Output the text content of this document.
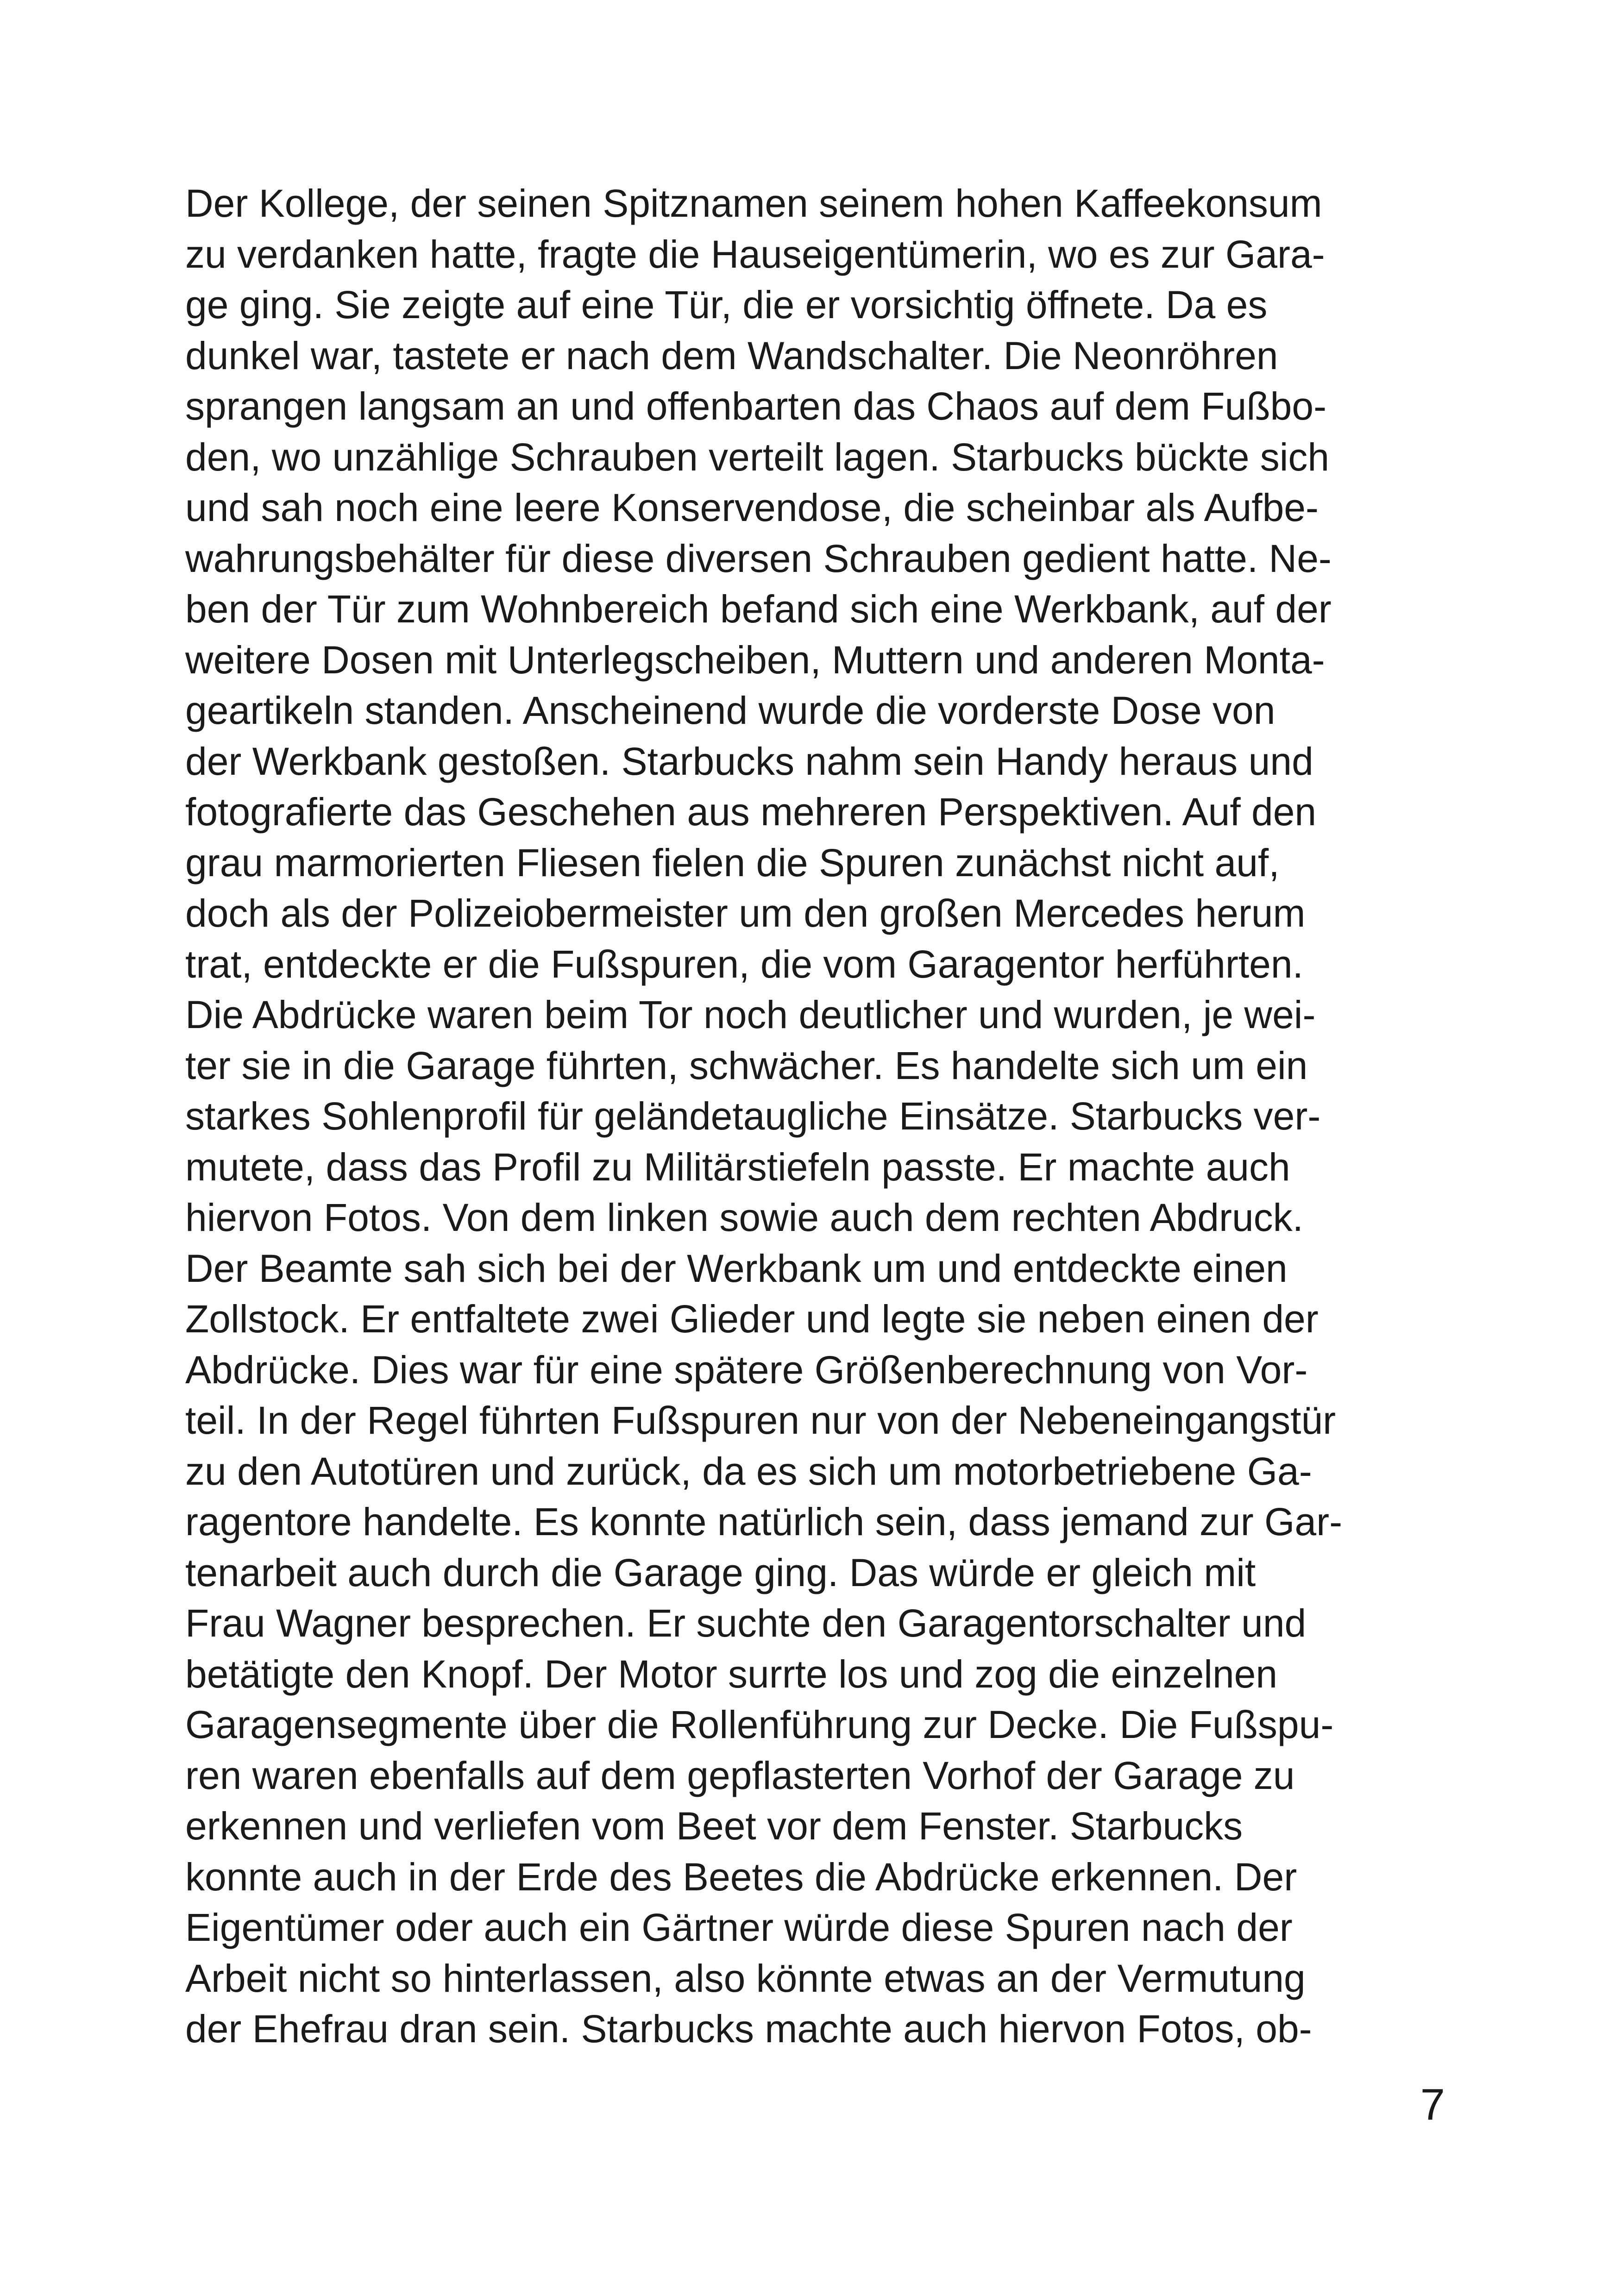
Der Kollege, der seinen Spitznamen seinem hohen Kaffeekonsum
zu verdanken hatte, fragte die Hauseigentümerin, wo es zur Gara-
ge ging. Sie zeigte auf eine Tür, die er vorsichtig öffnete. Da es
dunkel war, tastete er nach dem Wandschalter. Die Neonröhren
sprangen langsam an und offenbarten das Chaos auf dem Fußbo-
den, wo unzählige Schrauben verteilt lagen. Starbucks bückte sich
und sah noch eine leere Konservendose, die scheinbar als Aufbe-
wahrungsbehälter für diese diversen Schrauben gedient hatte. Ne-
ben der Tür zum Wohnbereich befand sich eine Werkbank, auf der
weitere Dosen mit Unterlegscheiben, Muttern und anderen Monta-
geartikeln standen. Anscheinend wurde die vorderste Dose von
der Werkbank gestoßen. Starbucks nahm sein Handy heraus und
fotografierte das Geschehen aus mehreren Perspektiven. Auf den
grau marmorierten Fliesen fielen die Spuren zunächst nicht auf,
doch als der Polizeiobermeister um den großen Mercedes herum
trat, entdeckte er die Fußspuren, die vom Garagentor herführten.
Die Abdrücke waren beim Tor noch deutlicher und wurden, je wei-
ter sie in die Garage führten, schwächer. Es handelte sich um ein
starkes Sohlenprofil für geländetaugliche Einsätze. Starbucks ver-
mutete, dass das Profil zu Militärstiefeln passte. Er machte auch
hiervon Fotos. Von dem linken sowie auch dem rechten Abdruck.
Der Beamte sah sich bei der Werkbank um und entdeckte einen
Zollstock. Er entfaltete zwei Glieder und legte sie neben einen der
Abdrücke. Dies war für eine spätere Größenberechnung von Vor-
teil. In der Regel führten Fußspuren nur von der Nebeneingangstür
zu den Autotüren und zurück, da es sich um motorbetriebene Ga-
ragentore handelte. Es konnte natürlich sein, dass jemand zur Gar-
tenarbeit auch durch die Garage ging. Das würde er gleich mit
Frau Wagner besprechen. Er suchte den Garagentorschalter und
betätigte den Knopf. Der Motor surrte los und zog die einzelnen
Garagensegmente über die Rollenführung zur Decke. Die Fußspu-
ren waren ebenfalls auf dem gepflasterten Vorhof der Garage zu
erkennen und verliefen vom Beet vor dem Fenster. Starbucks
konnte auch in der Erde des Beetes die Abdrücke erkennen. Der
Eigentümer oder auch ein Gärtner würde diese Spuren nach der
Arbeit nicht so hinterlassen, also könnte etwas an der Vermutung
der Ehefrau dran sein. Starbucks machte auch hiervon Fotos, ob-
7
